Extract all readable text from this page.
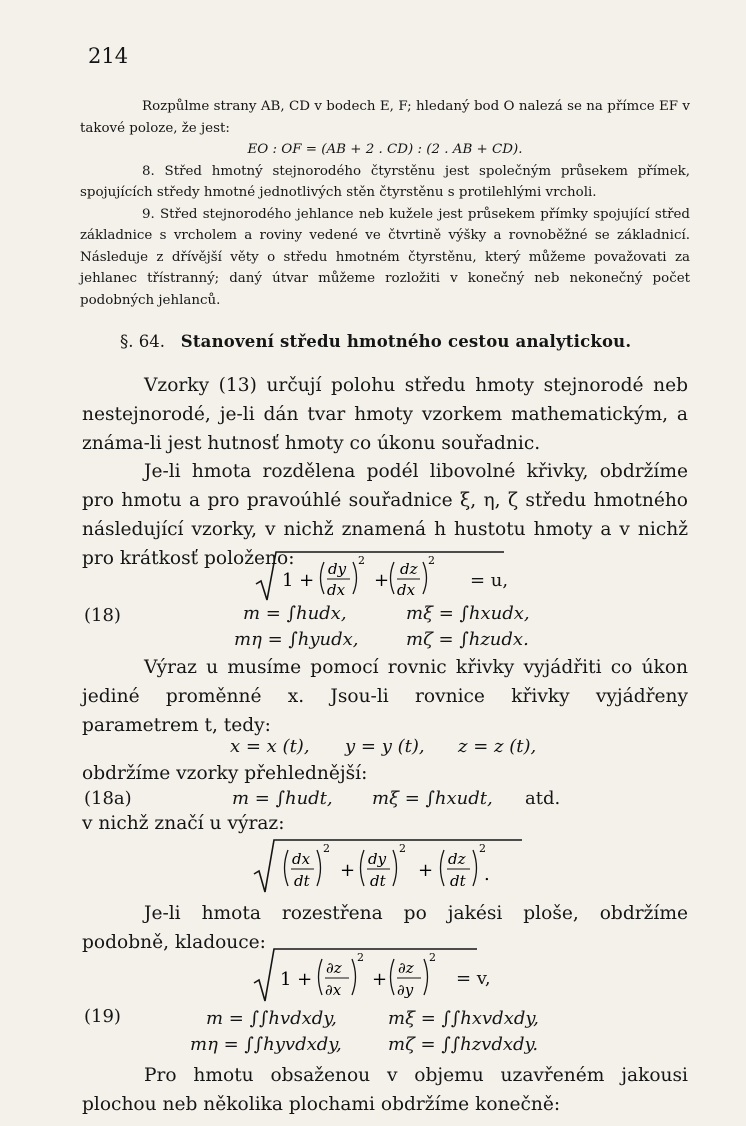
214

Rozpůlme strany AB, CD v bodech E, F; hledaný bod O nalezá se na přímce EF v takové poloze, že jest:

EO : OF = (AB + 2 . CD) : (2 . AB + CD).

8. Střed hmotný stejnorodého čtyrstěnu jest společným průsekem přímek, spojujících středy hmotné jednotlivých stěn čtyrstěnu s protilehlými vrcholi.

9. Střed stejnorodého jehlance neb kužele jest průsekem přímky spojující střed základnice s vrcholem a roviny vedené ve čtvrtině výšky a rovnoběžné se základnicí. Následuje z dřívější věty o středu hmotném čtyrstěnu, který můžeme považovati za jehlanec třístranný; daný útvar můžeme rozložiti v konečný neb nekonečný počet podobných jehlanců.

§. 64. Stanovení středu hmotného cestou analytickou.

Vzorky (13) určují polohu středu hmoty stejnorodé neb nestejnorodé, je-li dán tvar hmoty vzorkem mathematickým, a známa-li jest hutnosť hmoty co úkonu souřadnic.

Je-li hmota rozdělena podél libovolné křivky, obdržíme pro hmotu a pro pravoúhlé souřadnice ξ, η, ζ středu hmotného následující vzorky, v nichž znamená h hustotu hmoty a v nichž pro krátkosť položeno:

1 +
dy
dx
2
+
dz
dx
2
= u,
(18)	m = ∫hudx,	mξ = ∫hxudx,
mη = ∫hyudx,	mζ = ∫hzudx.

Výraz u musíme pomocí rovnic křivky vyjádřiti co úkon jediné proměnné x. Jsou-li rovnice křivky vyjádřeny parametrem t, tedy:

x = x (t), y = y (t), z = z (t),

obdržíme vzorky přehlednější:

(18a)	m = ∫hudt, mξ = ∫hxudt, atd.

v nichž značí u výraz:

dx
dt
2
+
dy
dt
2
+
dz
dt
2
.

Je-li hmota rozestřena po jakési ploše, obdržíme podobně, kladouce:

1 +
∂z
∂x
2
+
∂z
∂y
2
= v,
(19)	m = ∫∫hvdxdy,	mξ = ∫∫hxvdxdy,
mη = ∫∫hyvdxdy,	mζ = ∫∫hzvdxdy.

Pro hmotu obsaženou v objemu uzavřeném jakousi plochou neb několika plochami obdržíme konečně:
